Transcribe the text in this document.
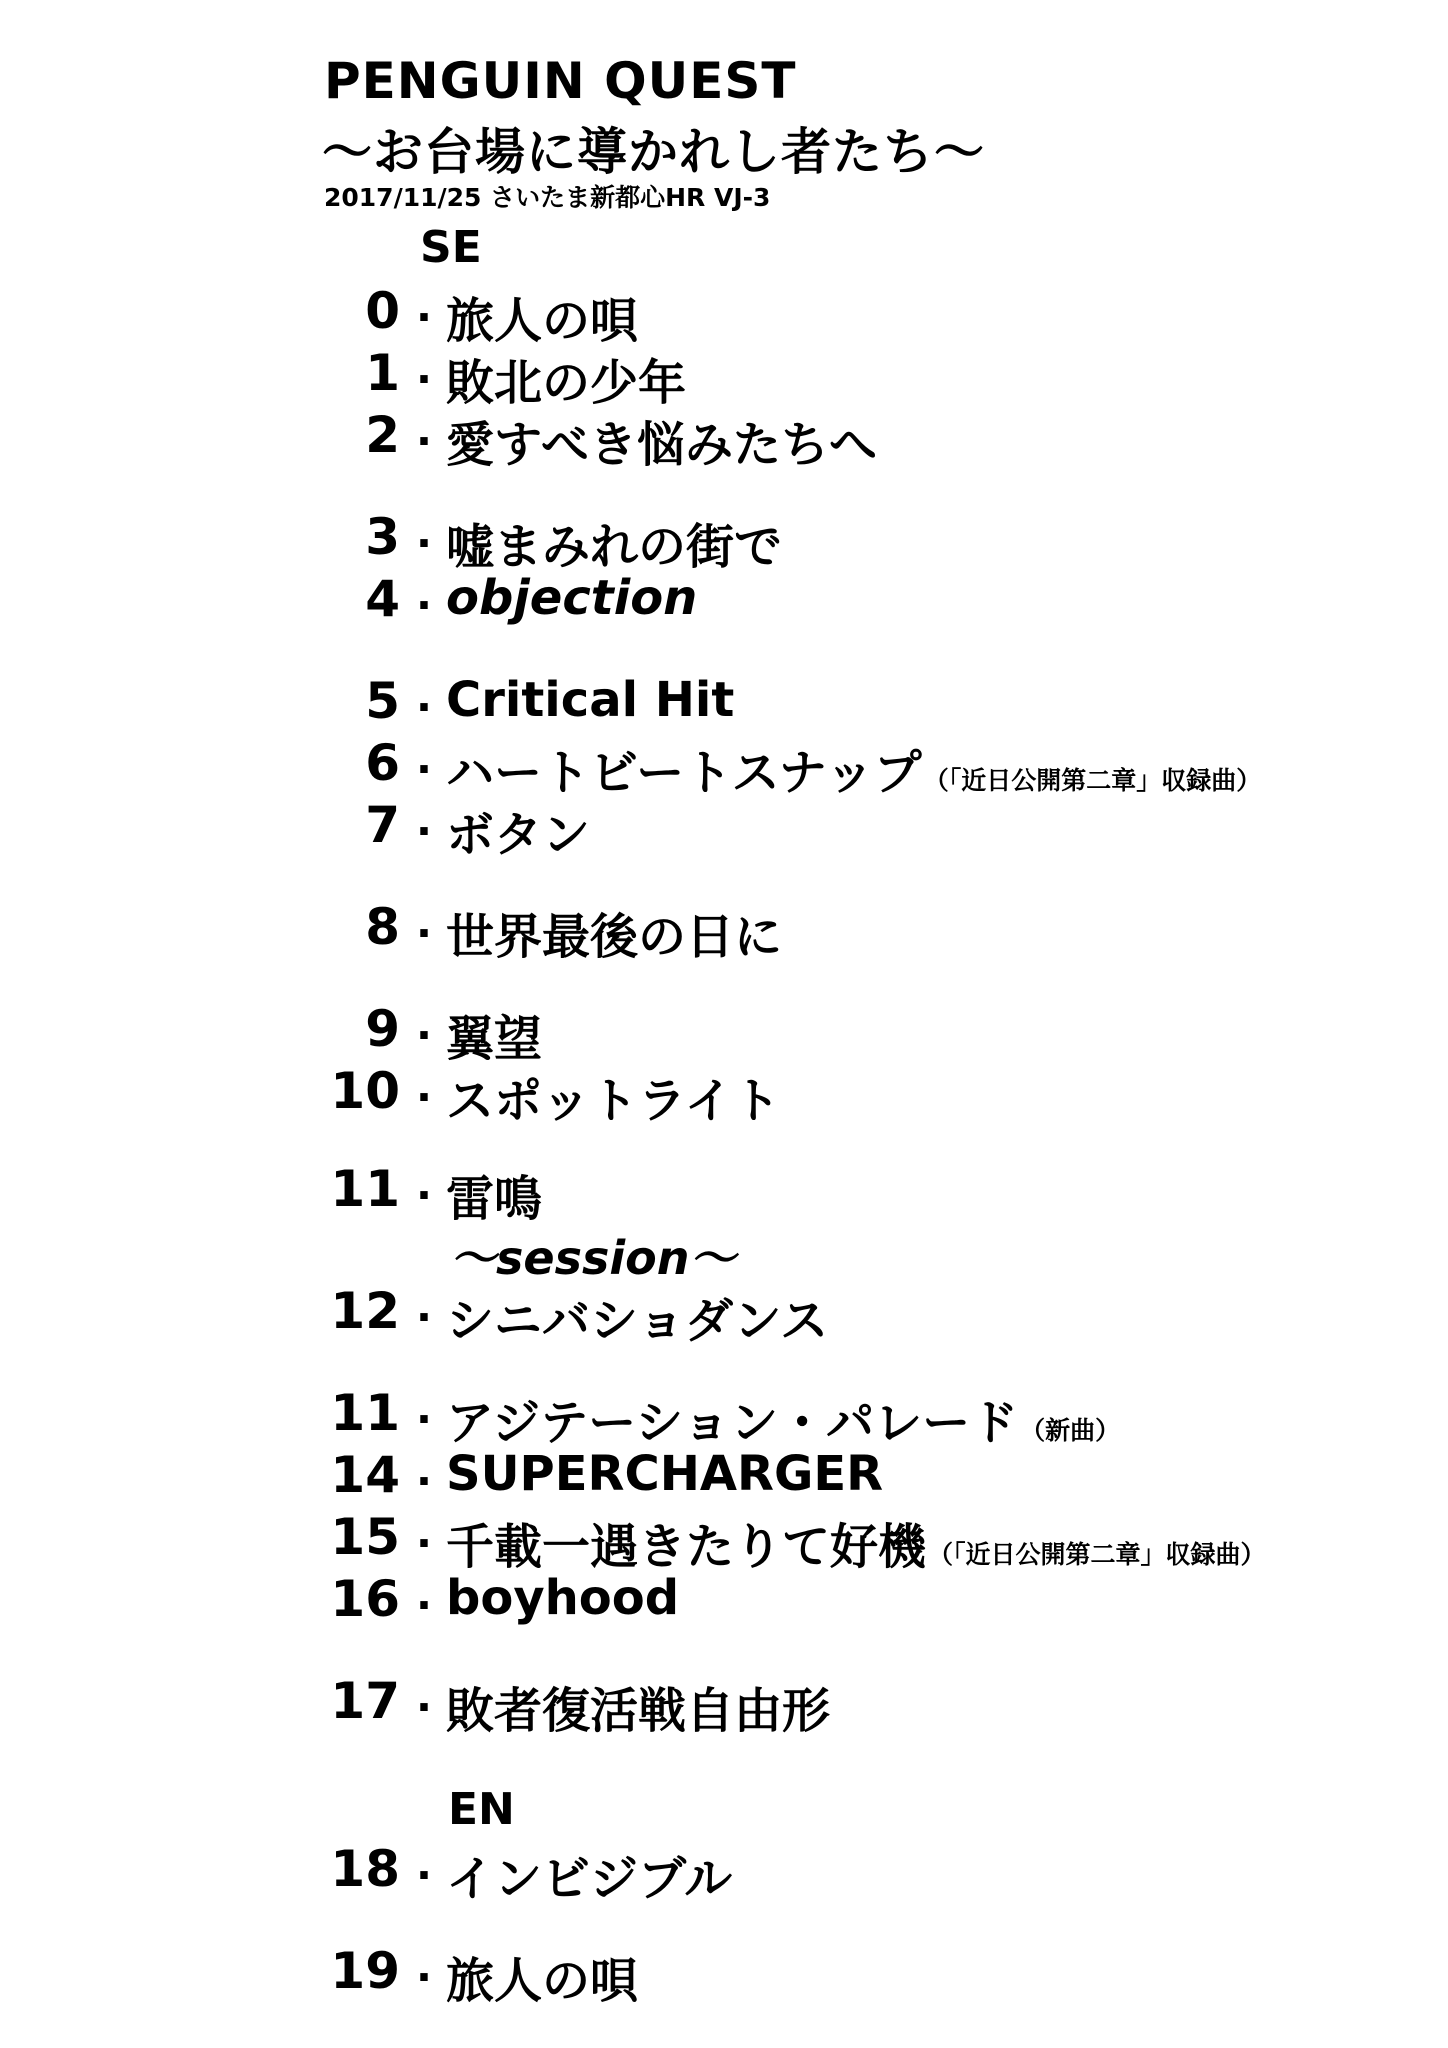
PENGUIN QUEST
～お台場に導かれし者たち～
2017/11/25 さいたま新都心HR VJ-3
SE
0 . 旅人の唄
1 . 敗北の少年
2 . 愛すべき悩みたちへ
3 . 嘘まみれの街で
4 . objection
5 . Critical Hit
6 . ハートビートスナップ（「近日公開第二章」収録曲）
7 . ボタン
8 . 世界最後の日に
9 . 翼望
10 . スポットライト
11 . 雷鳴
～session～
12 . シニバショダンス
11 . アジテーション・パレード（新曲）
14 . SUPERCHARGER
15 . 千載一遇きたりて好機（「近日公開第二章」収録曲）
16 . boyhood
17 . 敗者復活戦自由形
EN
18 . インビジブル
19 . 旅人の唄
